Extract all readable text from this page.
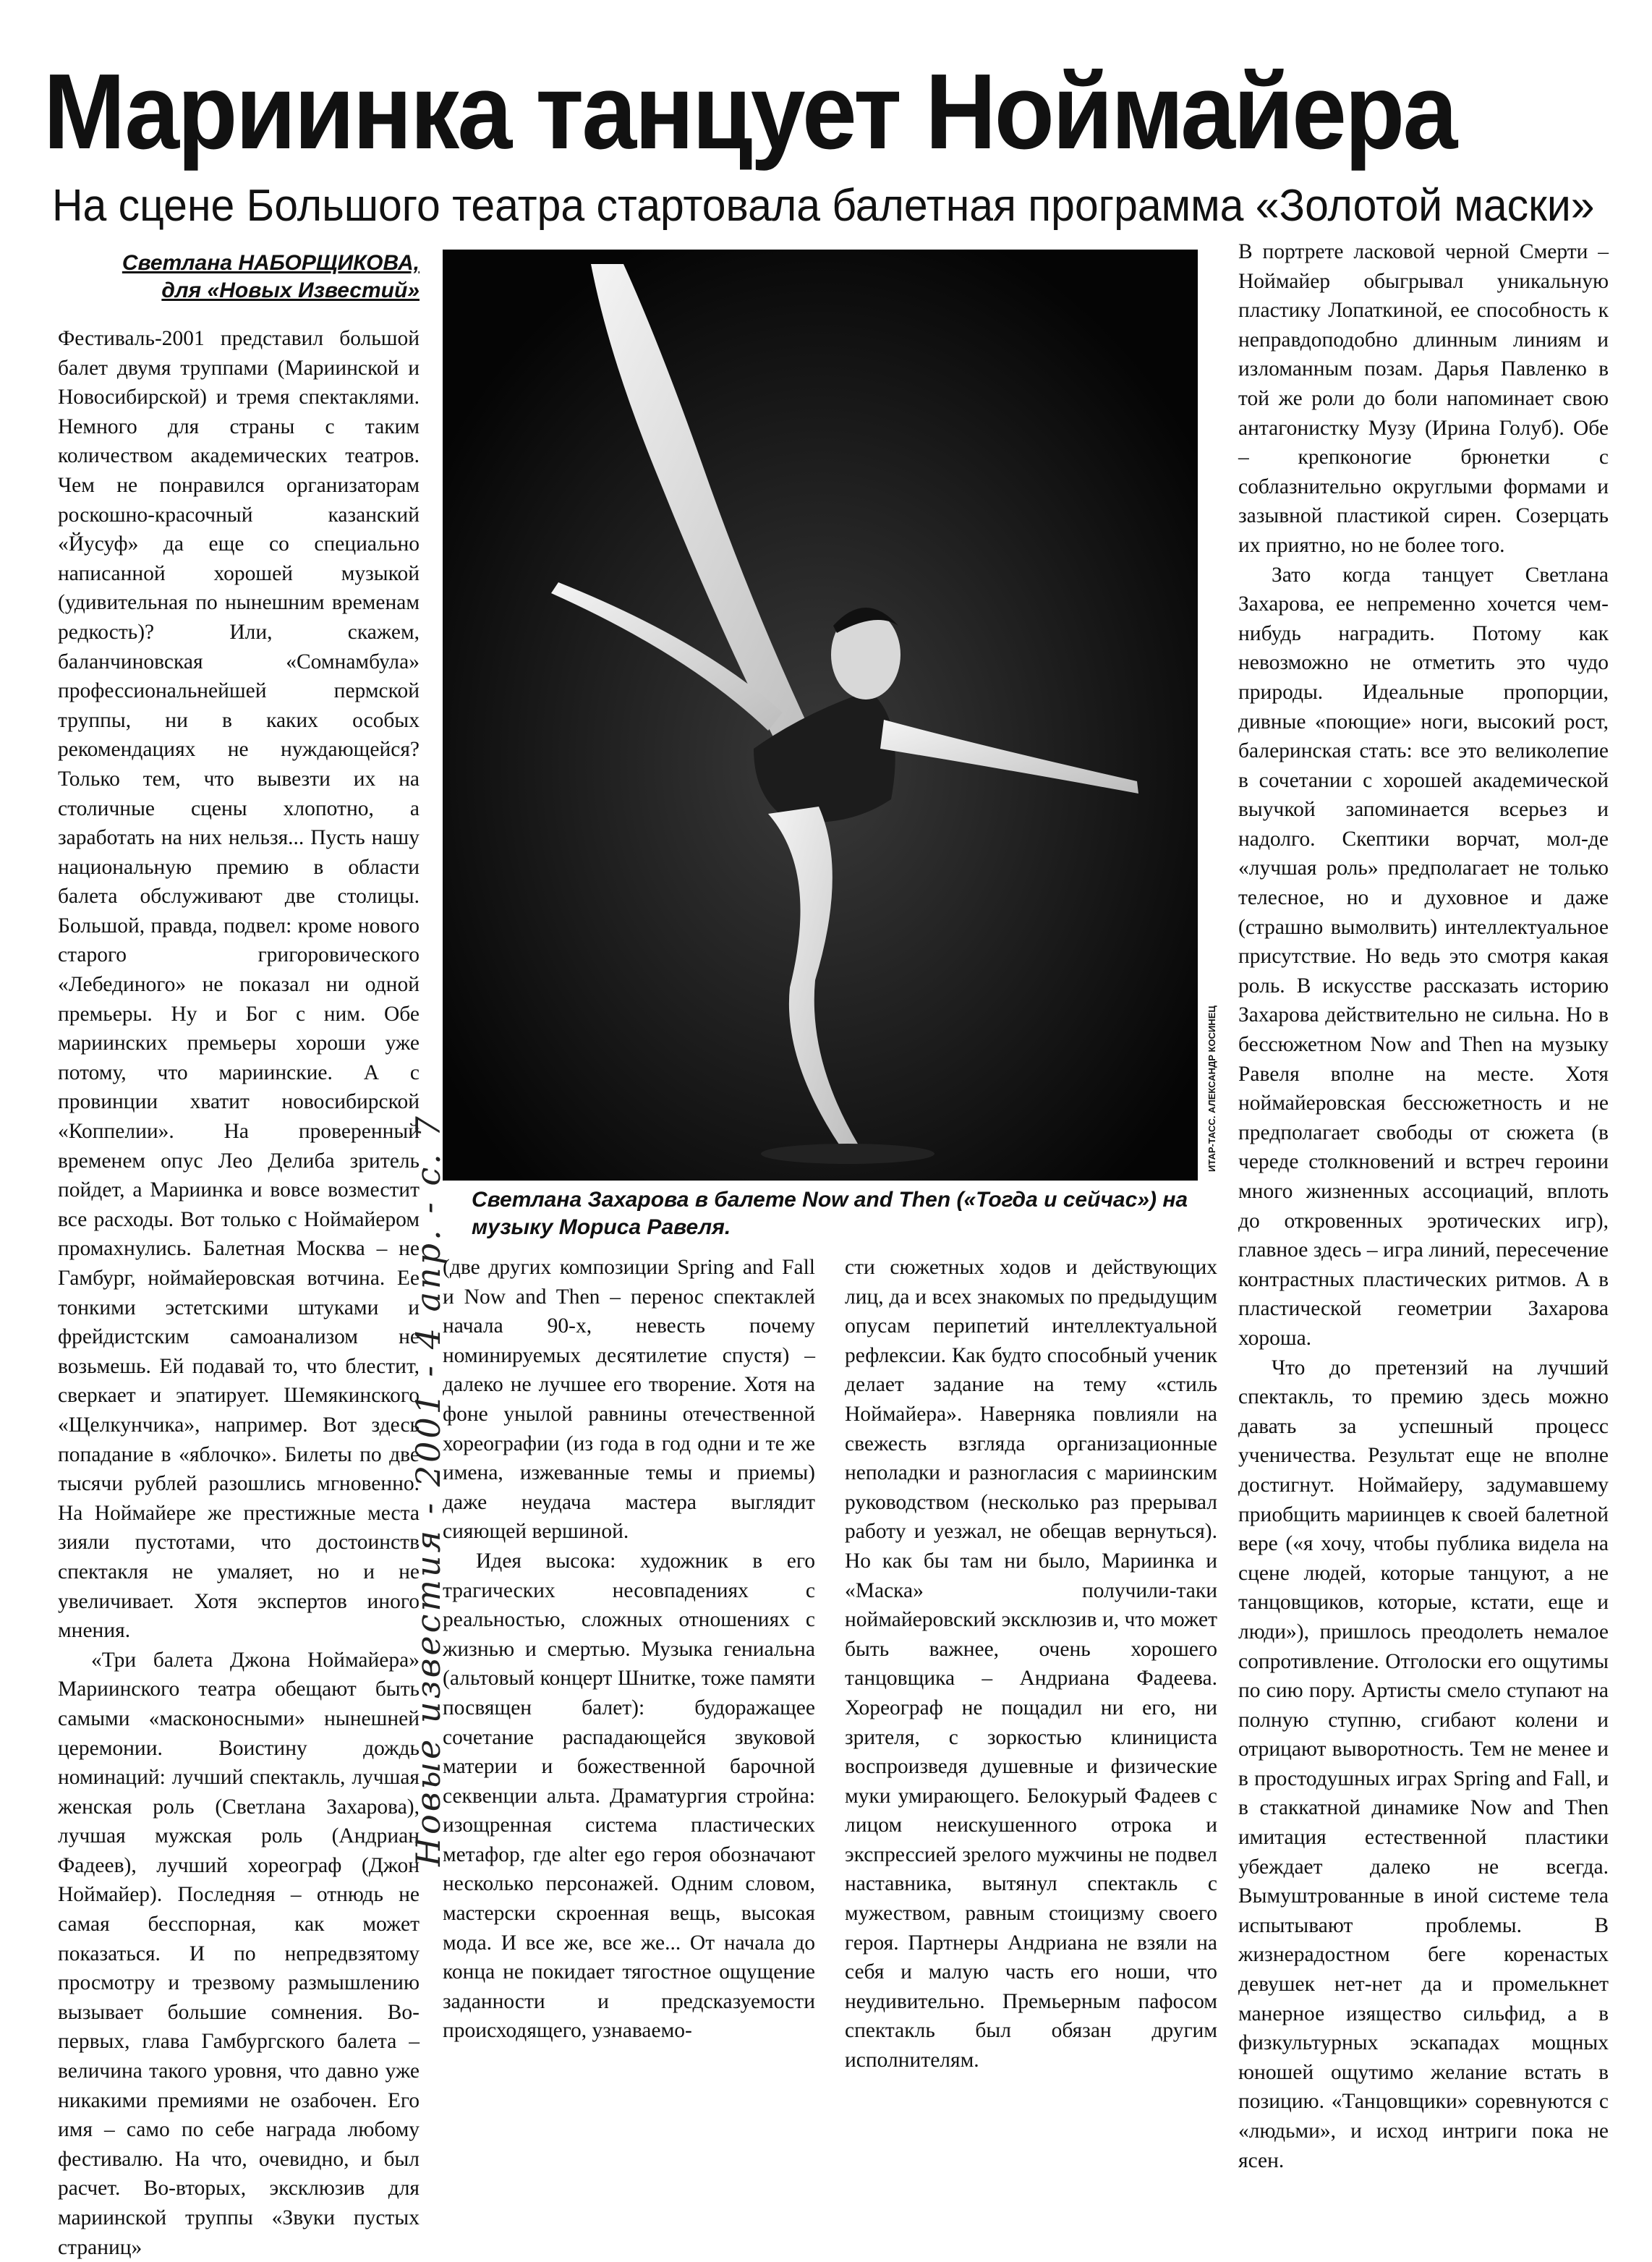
Мариинка танцует Ноймайера
На сцене Большого театра стартовала балетная программа «Золотой маски»
Светлана НАБОРЩИКОВА,
для «Новых Известий»

Фестиваль-2001 представил большой балет двумя труппами (Мариинской и Новосибирской) и тремя спектаклями. Немного для страны с таким количеством академических театров. Чем не понравился организаторам роскошно-красочный казанский «Йусуф» да еще со специально написанной хорошей музыкой (удивительная по нынешним временам редкость)? Или, скажем, баланчиновская «Сомнамбула» профессиональнейшей пермской труппы, ни в каких особых рекомендациях не нуждающейся? Только тем, что вывезти их на столичные сцены хлопотно, а заработать на них нельзя... Пусть нашу национальную премию в области балета обслуживают две столицы. Большой, правда, подвел: кроме нового старого григоровического «Лебединого» не показал ни одной премьеры. Ну и Бог с ним. Обе мариинских премьеры хороши уже потому, что мариинские. А с провинции хватит новосибирской «Коппелии». На проверенный временем опус Лео Делиба зритель пойдет, а Мариинка и вовсе возместит все расходы. Вот только с Ноймайером промахнулись. Балетная Москва – не Гамбург, ноймайеровская вотчина. Ее тонкими эстетскими штуками и фрейдистским самоанализом не возьмешь. Ей подавай то, что блестит, сверкает и эпатирует. Шемякинского «Щелкунчика», например. Вот здесь попадание в «яблочко». Билеты по две тысячи рублей разошлись мгновенно. На Ноймайере же престижные места зияли пустотами, что достоинств спектакля не умаляет, но и не увеличивает. Хотя экспертов иного мнения.

«Три балета Джона Ноймайера» Мариинского театра обещают быть самыми «масконосными» нынешней церемонии. Воистину дождь номинаций: лучший спектакль, лучшая женская роль (Светлана Захарова), лучшая мужская роль (Андриан Фадеев), лучший хореограф (Джон Ноймайер). Последняя – отнюдь не самая бесспорная, как может показаться. И по непредвзятому просмотру и трезвому размышлению вызывает большие сомнения. Во-первых, глава Гамбургского балета – величина такого уровня, что давно уже никакими премиями не озабочен. Его имя – само по себе награда любому фестивалю. На что, очевидно, и был расчет. Во-вторых, эксклюзив для мариинской труппы «Звуки пустых страниц»

ИТАР-ТАСС. АЛЕКСАНДР КОСИНЕЦ
Светлана Захарова в балете Now and Then («Тогда и сейчас») на музыку Мориса Равеля.

(две других композиции Spring and Fall и Now and Then – перенос спектаклей начала 90-х, невесть почему номинируемых десятилетие спустя) – далеко не лучшее его творение. Хотя на фоне унылой равнины отечественной хореографии (из года в год одни и те же имена, изжеванные темы и приемы) даже неудача мастера выглядит сияющей вершиной.

Идея высока: художник в его трагических несовпадениях с реальностью, сложных отношениях с жизнью и смертью. Музыка гениальна (альтовый концерт Шнитке, тоже памяти посвящен балет): будоражащее сочетание распадающейся звуковой материи и божественной барочной секвенции альта. Драматургия стройна: изощренная система пластических метафор, где alter ego героя обозначают несколько персонажей. Одним словом, мастерски скроенная вещь, высокая мода. И все же, все же... От начала до конца не покидает тягостное ощущение заданности и предсказуемости происходящего, узнаваемо-

сти сюжетных ходов и действующих лиц, да и всех знакомых по предыдущим опусам перипетий интеллектуальной рефлексии. Как будто способный ученик делает задание на тему «стиль Ноймайера». Наверняка повлияли на свежесть взгляда организационные неполадки и разногласия с мариинским руководством (несколько раз прерывал работу и уезжал, не обещав вернуться). Но как бы там ни было, Мариинка и «Маска» получили-таки ноймайеровский эксклюзив и, что может быть важнее, очень хорошего танцовщика – Андриана Фадеева. Хореограф не пощадил ни его, ни зрителя, с зоркостью клинициста воспроизведя душевные и физические муки умирающего. Белокурый Фадеев с лицом неискушенного отрока и экспрессией зрелого мужчины не подвел наставника, вытянул спектакль с мужеством, равным стоицизму своего героя. Партнеры Андриана не взяли на себя и малую часть его ноши, что неудивительно. Премьерным пафосом спектакль был обязан другим исполнителям.

В портрете ласковой черной Смерти – Ноймайер обыгрывал уникальную пластику Лопаткиной, ее способность к неправдоподобно длинным линиям и изломанным позам. Дарья Павленко в той же роли до боли напоминает свою антагонистку Музу (Ирина Голуб). Обе – крепконогие брюнетки с соблазнительно округлыми формами и зазывной пластикой сирен. Созерцать их приятно, но не более того.

Зато когда танцует Светлана Захарова, ее непременно хочется чем-нибудь наградить. Потому как невозможно не отметить это чудо природы. Идеальные пропорции, дивные «поющие» ноги, высокий рост, балеринская стать: все это великолепие в сочетании с хорошей академической выучкой запоминается всерьез и надолго. Скептики ворчат, мол-де «лучшая роль» предполагает не только телесное, но и духовное и даже (страшно вымолвить) интеллектуальное присутствие. Но ведь это смотря какая роль. В искусстве рассказать историю Захарова действительно не сильна. Но в бессюжетном Now and Then на музыку Равеля вполне на месте. Хотя ноймайеровская бессюжетность и не предполагает свободы от сюжета (в череде столкновений и встреч героини много жизненных ассоциаций, вплоть до откровенных эротических игр), главное здесь – игра линий, пересечение контрастных пластических ритмов. А в пластической геометрии Захарова хороша.

Что до претензий на лучший спектакль, то премию здесь можно давать за успешный процесс ученичества. Результат еще не вполне достигнут. Ноймайеру, задумавшему приобщить мариинцев к своей балетной вере («я хочу, чтобы публика видела на сцене людей, которые танцуют, а не танцовщиков, которые, кстати, еще и люди»), пришлось преодолеть немалое сопротивление. Отголоски его ощутимы по сию пору. Артисты смело ступают на полную ступню, сгибают колени и отрицают выворотность. Тем не менее и в простодушных играх Spring and Fall, и в стаккатной динамике Now and Then имитация естественной пластики убеждает далеко не всегда. Вымуштрованные в иной системе тела испытывают проблемы. В жизнерадостном беге коренастых девушек нет-нет да и промелькнет манерное изящество сильфид, а в физкультурных эскападах мощных юношей ощутимо желание встать в позицию. «Танцовщики» соревнуются с «людьми», и исход интриги пока не ясен.

Новые известия - 2001 - 4 апр. - с. 7
